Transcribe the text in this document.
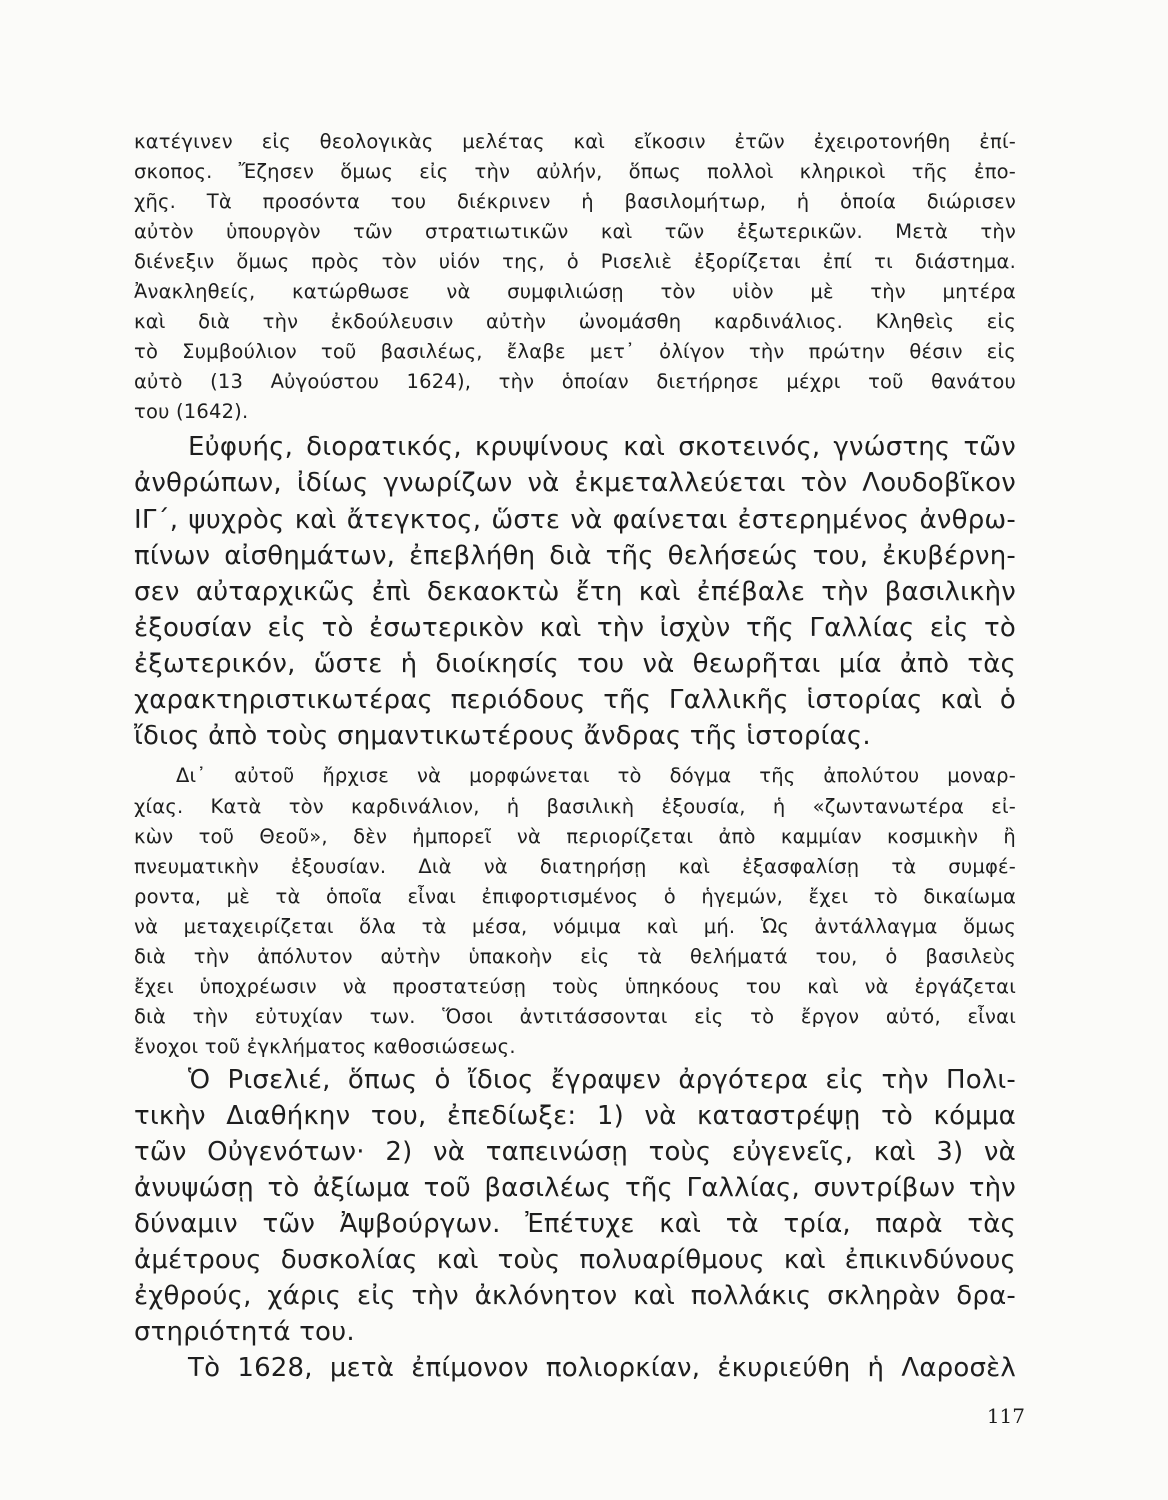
κατέγινεν εἰς θεολογικὰς μελέτας καὶ εἴκοσιν ἐτῶν ἐχειροτονήθη ἐπί-
σκοπος. Ἔζησεν ὅμως εἰς τὴν αὐλήν, ὅπως πολλοὶ κληρικοὶ τῆς ἐπο-
χῆς. Τὰ προσόντα του διέκρινεν ἡ βασιλομήτωρ, ἡ ὁποία διώρισεν
αὐτὸν ὑπουργὸν τῶν στρατιωτικῶν καὶ τῶν ἐξωτερικῶν. Μετὰ τὴν
διένεξιν ὅμως πρὸς τὸν υἱόν της, ὁ Ρισελιὲ ἐξορίζεται ἐπί τι διάστημα.
Ἀνακληθείς, κατώρθωσε νὰ συμφιλιώσῃ τὸν υἱὸν μὲ τὴν μητέρα
καὶ διὰ τὴν ἐκδούλευσιν αὐτὴν ὠνομάσθη καρδινάλιος. Κληθεὶς εἰς
τὸ Συμβούλιον τοῦ βασιλέως, ἔλαβε μετ᾽ ὀλίγον τὴν πρώτην θέσιν εἰς
αὐτὸ (13 Αὐγούστου 1624), τὴν ὁποίαν διετήρησε μέχρι τοῦ θανάτου
του (1642).
Εὐφυής, διορατικός, κρυψίνους καὶ σκοτεινός, γνώστης τῶν
ἀνθρώπων, ἰδίως γνωρίζων νὰ ἐκμεταλλεύεται τὸν Λουδοβῖκον
ΙΓ΄, ψυχρὸς καὶ ἄτεγκτος, ὥστε νὰ φαίνεται ἐστερημένος ἀνθρω-
πίνων αἰσθημάτων, ἐπεβλήθη διὰ τῆς θελήσεώς του, ἐκυβέρνη-
σεν αὐταρχικῶς ἐπὶ δεκαοκτὼ ἔτη καὶ ἐπέβαλε τὴν βασιλικὴν
ἐξουσίαν εἰς τὸ ἐσωτερικὸν καὶ τὴν ἰσχὺν τῆς Γαλλίας εἰς τὸ
ἐξωτερικόν, ὥστε ἡ διοίκησίς του νὰ θεωρῆται μία ἀπὸ τὰς
χαρακτηριστικωτέρας περιόδους τῆς Γαλλικῆς ἱστορίας καὶ ὁ
ἴδιος ἀπὸ τοὺς σημαντικωτέρους ἄνδρας τῆς ἱστορίας.
Δι᾽ αὐτοῦ ἤρχισε νὰ μορφώνεται τὸ δόγμα τῆς ἀπολύτου μοναρ-
χίας. Κατὰ τὸν καρδινάλιον, ἡ βασιλικὴ ἐξουσία, ἡ «ζωντανωτέρα εἰ-
κὼν τοῦ Θεοῦ», δὲν ἠμπορεῖ νὰ περιορίζεται ἀπὸ καμμίαν κοσμικὴν ἢ
πνευματικὴν ἐξουσίαν. Διὰ νὰ διατηρήσῃ καὶ ἐξασφαλίσῃ τὰ συμφέ-
ροντα, μὲ τὰ ὁποῖα εἶναι ἐπιφορτισμένος ὁ ἡγεμών, ἔχει τὸ δικαίωμα
νὰ μεταχειρίζεται ὅλα τὰ μέσα, νόμιμα καὶ μή. Ὡς ἀντάλλαγμα ὅμως
διὰ τὴν ἀπόλυτον αὐτὴν ὑπακοὴν εἰς τὰ θελήματά του, ὁ βασιλεὺς
ἔχει ὑποχρέωσιν νὰ προστατεύσῃ τοὺς ὑπηκόους του καὶ νὰ ἐργάζεται
διὰ τὴν εὐτυχίαν των. Ὅσοι ἀντιτάσσονται εἰς τὸ ἔργον αὐτό, εἶναι
ἔνοχοι τοῦ ἐγκλήματος καθοσιώσεως.
Ὁ Ρισελιέ, ὅπως ὁ ἴδιος ἔγραψεν ἀργότερα εἰς τὴν Πολι-
τικὴν Διαθήκην του, ἐπεδίωξε: 1) νὰ καταστρέψῃ τὸ κόμμα
τῶν Οὐγενότων· 2) νὰ ταπεινώσῃ τοὺς εὐγενεῖς, καὶ 3) νὰ
ἀνυψώσῃ τὸ ἀξίωμα τοῦ βασιλέως τῆς Γαλλίας, συντρίβων τὴν
δύναμιν τῶν Ἀψβούργων. Ἐπέτυχε καὶ τὰ τρία, παρὰ τὰς
ἀμέτρους δυσκολίας καὶ τοὺς πολυαρίθμους καὶ ἐπικινδύνους
ἐχθρούς, χάρις εἰς τὴν ἀκλόνητον καὶ πολλάκις σκληρὰν δρα-
στηριότητά του.
Τὸ 1628, μετὰ ἐπίμονον πολιορκίαν, ἐκυριεύθη ἡ Λαροσὲλ
117
